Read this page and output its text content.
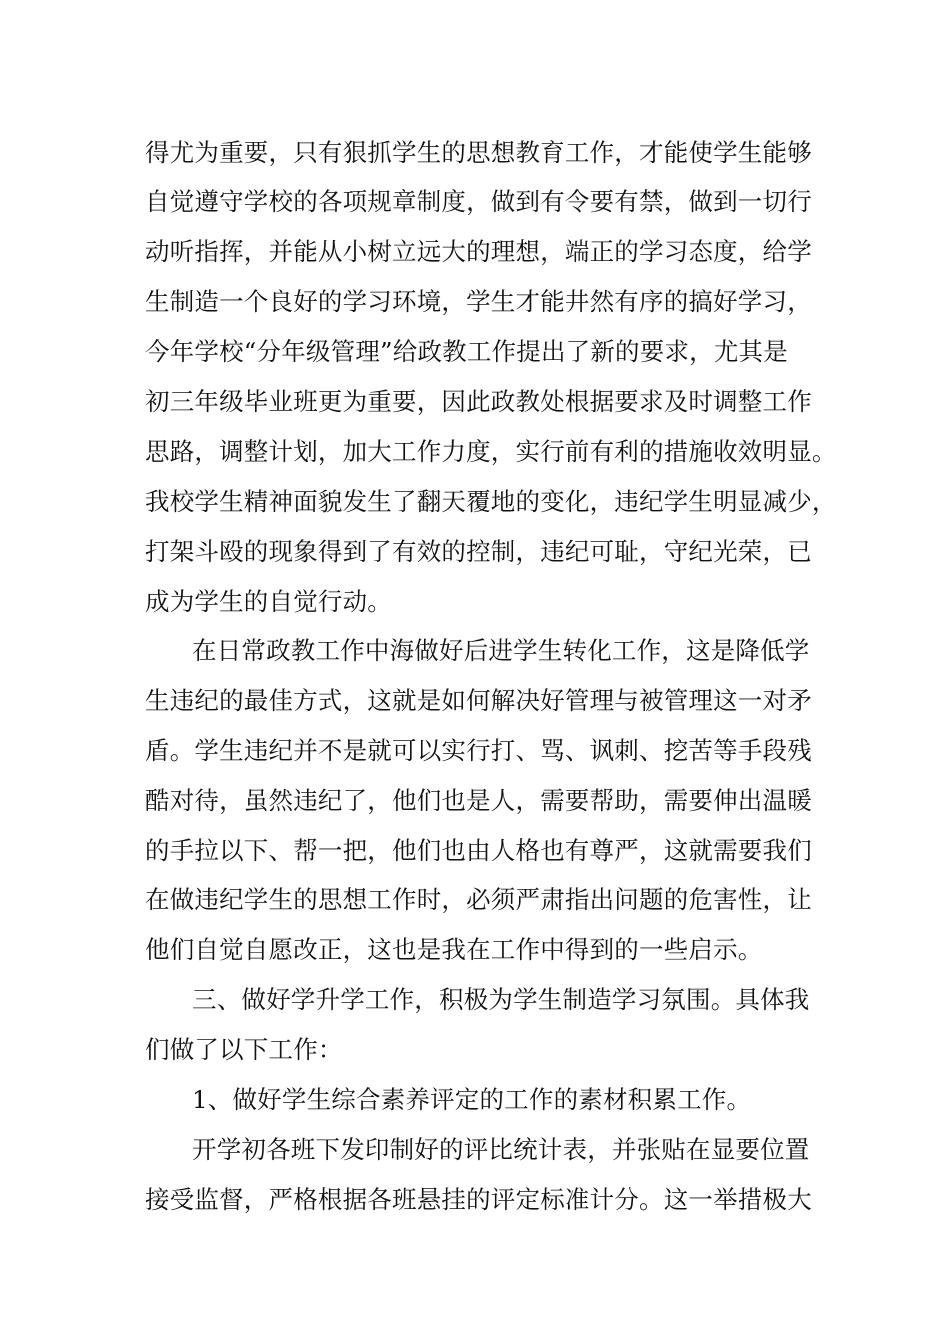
得尤为重要，只有狠抓学生的思想教育工作，才能使学生能够
自觉遵守学校的各项规章制度，做到有令要有禁，做到一切行
动听指挥，并能从小树立远大的理想，端正的学习态度，给学
生制造一个良好的学习环境，学生才能井然有序的搞好学习，
今年学校“分年级管理”给政教工作提出了新的要求，尤其是
初三年级毕业班更为重要，因此政教处根据要求及时调整工作
思路，调整计划，加大工作力度，实行前有利的措施收效明显。
我校学生精神面貌发生了翻天覆地的变化，违纪学生明显减少，
打架斗殴的现象得到了有效的控制，违纪可耻，守纪光荣，已
成为学生的自觉行动。
在日常政教工作中海做好后进学生转化工作，这是降低学
生违纪的最佳方式，这就是如何解决好管理与被管理这一对矛
盾。学生违纪并不是就可以实行打、骂、讽刺、挖苦等手段残
酷对待，虽然违纪了，他们也是人，需要帮助，需要伸出温暖
的手拉以下、帮一把，他们也由人格也有尊严，这就需要我们
在做违纪学生的思想工作时，必须严肃指出问题的危害性，让
他们自觉自愿改正，这也是我在工作中得到的一些启示。
三、做好学升学工作，积极为学生制造学习氛围。具体我
们做了以下工作：
1、做好学生综合素养评定的工作的素材积累工作。
开学初各班下发印制好的评比统计表，并张贴在显要位置
接受监督，严格根据各班悬挂的评定标准计分。这一举措极大
